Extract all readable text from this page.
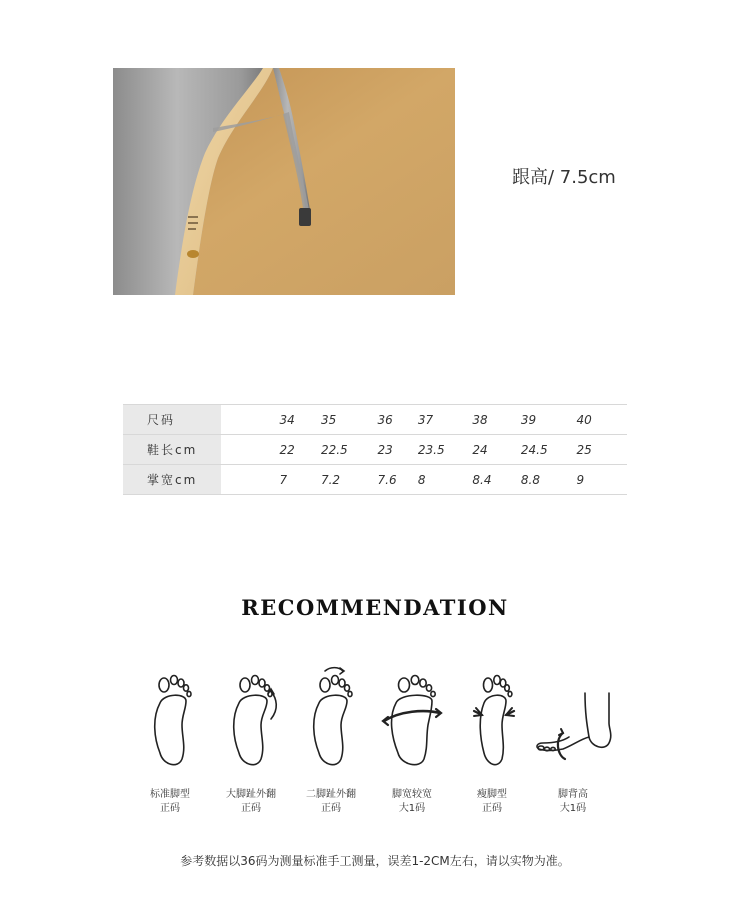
跟高/ 7.5cm
尺码		34	35	36	37	38	39	40
鞋长cm		22	22.5	23	23.5	24	24.5	25
掌宽cm		7	7.2	7.6	8	8.4	8.8	9
RECOMMENDATION
标准脚型
正码
大脚趾外翻
正码
二脚趾外翻
正码
脚宽较宽
大1码
瘦脚型
正码
脚背高
大1码
参考数据以36码为测量标准手工测量，误差1-2CM左右，请以实物为准。
